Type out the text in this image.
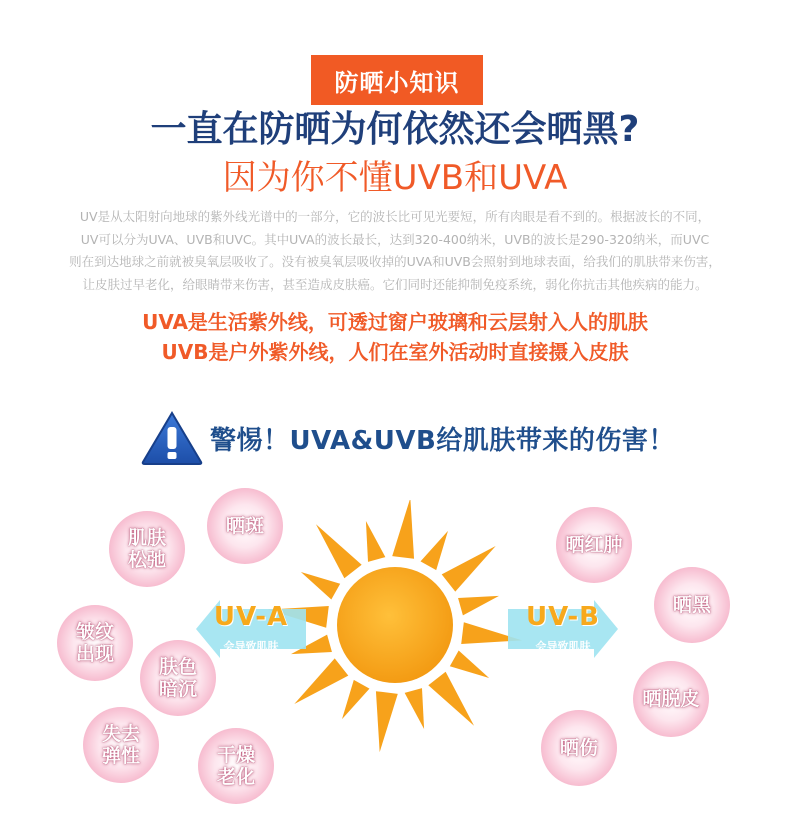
防晒小知识
一直在防晒为何依然还会晒黑?
因为你不懂UVB和UVA
UV是从太阳射向地球的紫外线光谱中的一部分，它的波长比可见光要短，所有肉眼是看不到的。根据波长的不同，
UV可以分为UVA、UVB和UVC。其中UVA的波长最长，达到320-400纳米，UVB的波长是290-320纳米，而UVC
则在到达地球之前就被臭氧层吸收了。没有被臭氧层吸收掉的UVA和UVB会照射到地球表面，给我们的肌肤带来伤害，
让皮肤过早老化，给眼睛带来伤害，甚至造成皮肤癌。它们同时还能抑制免疫系统，弱化你抗击其他疾病的能力。
UVA是生活紫外线，可透过窗户玻璃和云层射入人的肌肤
UVB是户外紫外线，人们在室外活动时直接摄入皮肤
警惕！UVA&UVB给肌肤带来的伤害！
UV-A
会导致肌肤
UV-B
会导致肌肤
肌肤
松弛
晒斑
皱纹
出现
肤色
暗沉
失去
弹性	干燥
老化
晒红肿
晒黑
晒脱皮
晒伤
